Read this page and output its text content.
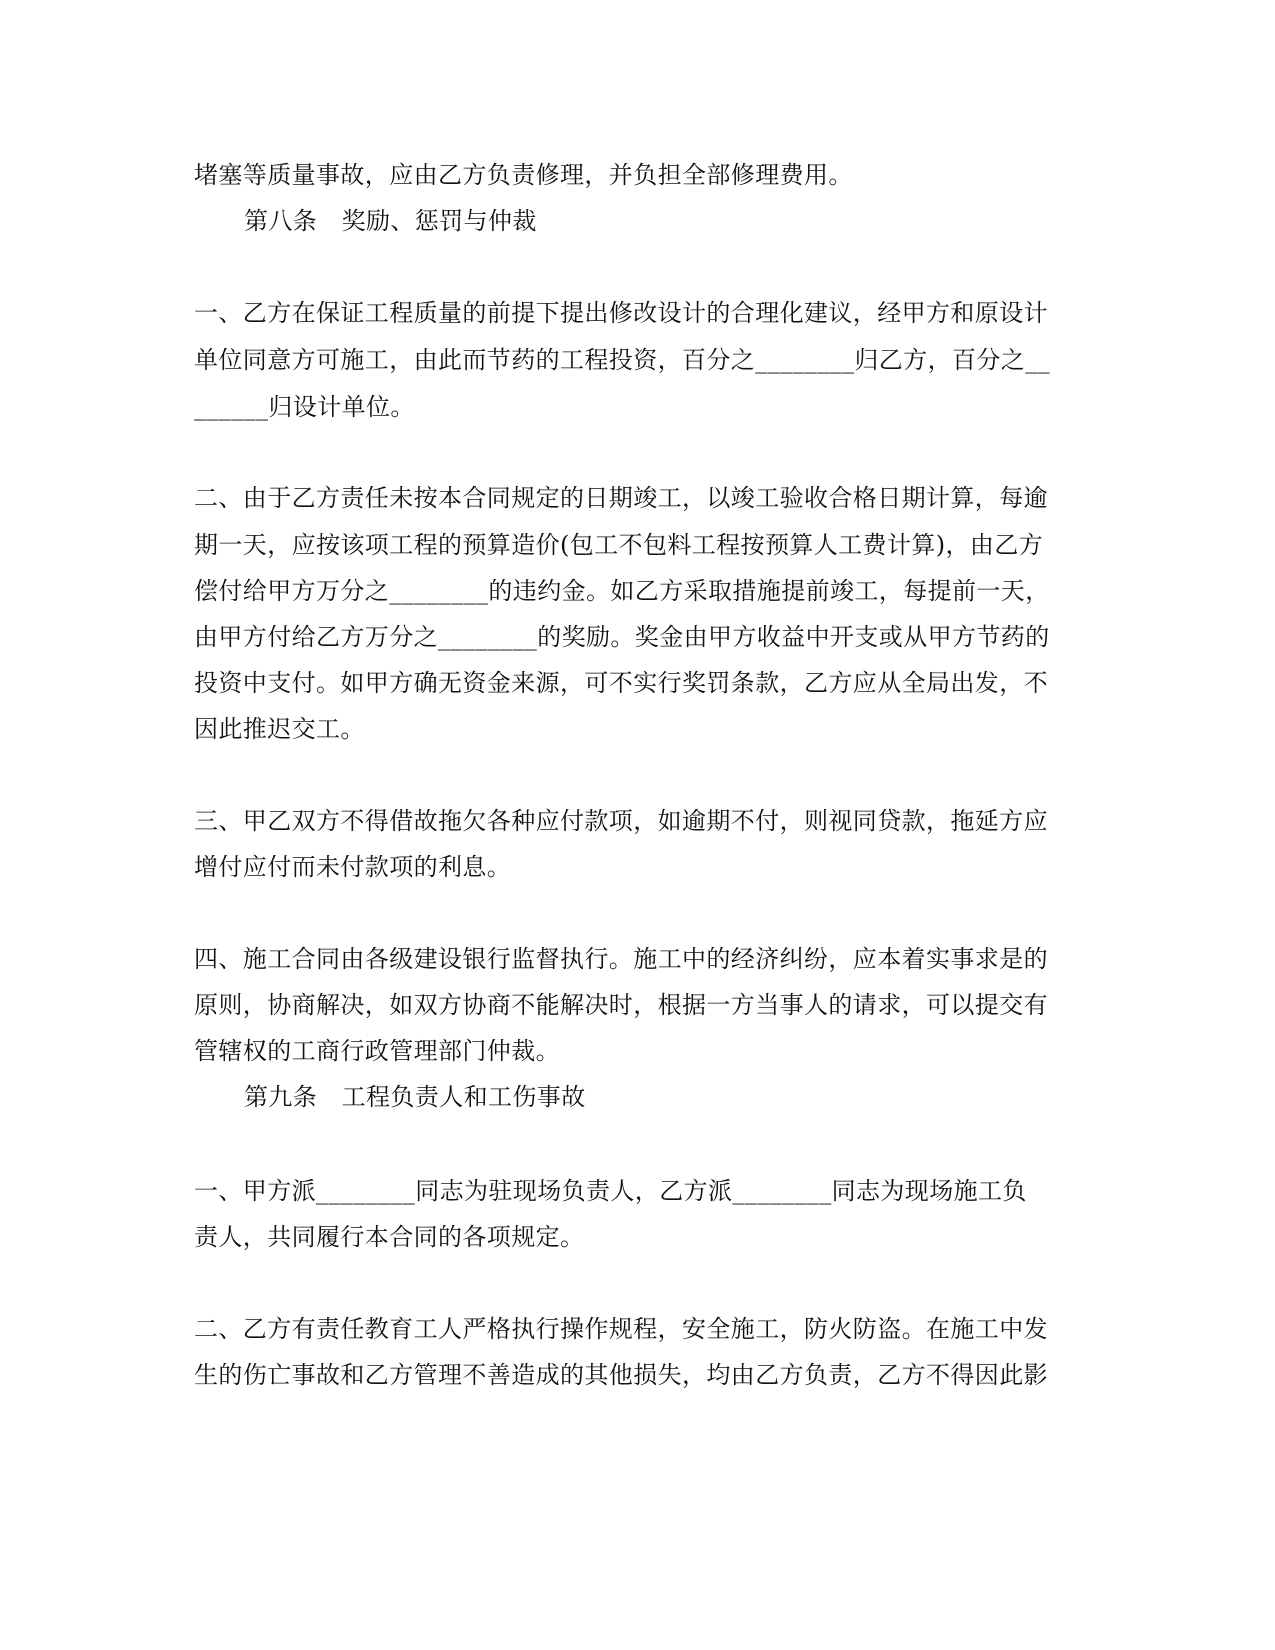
堵塞等质量事故，应由乙方负责修理，并负担全部修理费用。
第八条　奖励、惩罚与仲裁
一、乙方在保证工程质量的前提下提出修改设计的合理化建议，经甲方和原设计
单位同意方可施工，由此而节药的工程投资，百分之________归乙方，百分之__
______归设计单位。
二、由于乙方责任未按本合同规定的日期竣工，以竣工验收合格日期计算，每逾
期一天，应按该项工程的预算造价(包工不包料工程按预算人工费计算)，由乙方
偿付给甲方万分之________的违约金。如乙方采取措施提前竣工，每提前一天，
由甲方付给乙方万分之________的奖励。奖金由甲方收益中开支或从甲方节药的
投资中支付。如甲方确无资金来源，可不实行奖罚条款，乙方应从全局出发，不
因此推迟交工。
三、甲乙双方不得借故拖欠各种应付款项，如逾期不付，则视同贷款，拖延方应
增付应付而未付款项的利息。
四、施工合同由各级建设银行监督执行。施工中的经济纠纷，应本着实事求是的
原则，协商解决，如双方协商不能解决时，根据一方当事人的请求，可以提交有
管辖权的工商行政管理部门仲裁。
第九条　工程负责人和工伤事故
一、甲方派________同志为驻现场负责人，乙方派________同志为现场施工负
责人，共同履行本合同的各项规定。
二、乙方有责任教育工人严格执行操作规程，安全施工，防火防盗。在施工中发
生的伤亡事故和乙方管理不善造成的其他损失，均由乙方负责，乙方不得因此影
